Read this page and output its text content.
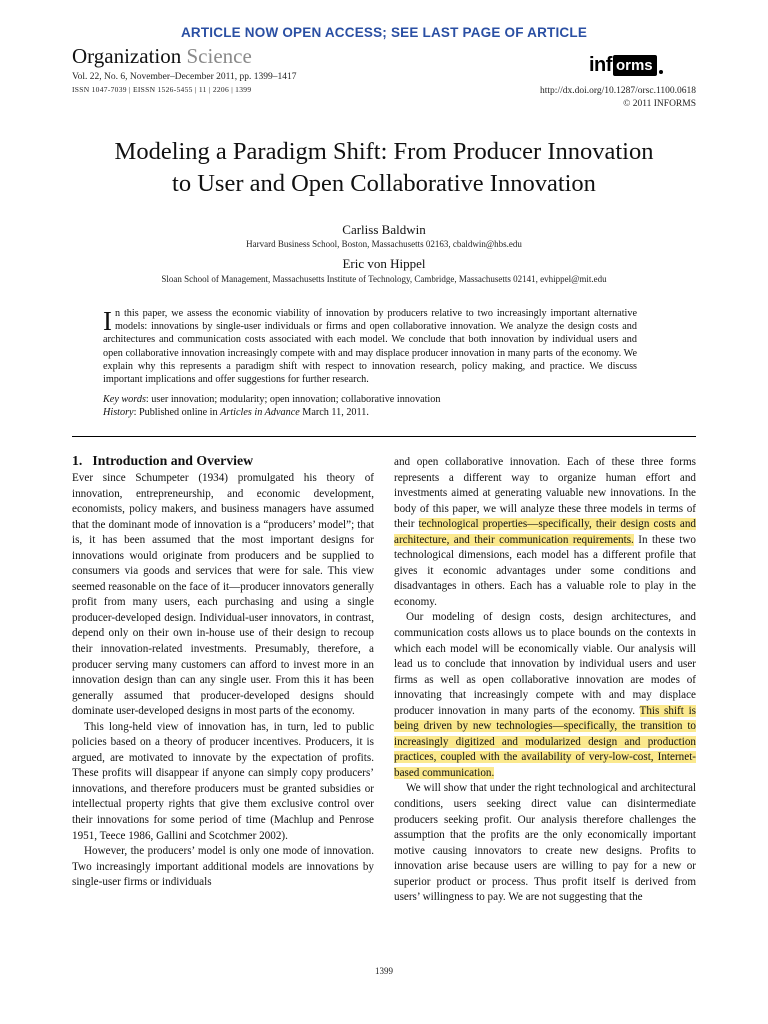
ARTICLE NOW OPEN ACCESS; SEE LAST PAGE OF ARTICLE
Organization Science
Vol. 22, No. 6, November–December 2011, pp. 1399–1417
ISSN 1047-7039 | EISSN 1526-5455 | 11 | 2206 | 1399
inf orms
http://dx.doi.org/10.1287/orsc.1100.0618
© 2011 INFORMS
Modeling a Paradigm Shift: From Producer Innovation
to User and Open Collaborative Innovation
Carliss Baldwin
Harvard Business School, Boston, Massachusetts 02163, cbaldwin@hbs.edu
Eric von Hippel
Sloan School of Management, Massachusetts Institute of Technology, Cambridge, Massachusetts 02141, evhippel@mit.edu
In this paper, we assess the economic viability of innovation by producers relative to two increasingly important alternative models: innovations by single-user individuals or firms and open collaborative innovation. We analyze the design costs and architectures and communication costs associated with each model. We conclude that both innovation by individual users and open collaborative innovation increasingly compete with and may displace producer innovation in many parts of the economy. We explain why this represents a paradigm shift with respect to innovation research, policy making, and practice. We discuss important implications and offer suggestions for further research.
Key words: user innovation; modularity; open innovation; collaborative innovation
History: Published online in Articles in Advance March 11, 2011.
1. Introduction and Overview

Ever since Schumpeter (1934) promulgated his theory of innovation, entrepreneurship, and economic development, economists, policy makers, and business managers have assumed that the dominant mode of innovation is a “producers’ model”; that is, it has been assumed that the most important designs for innovations would originate from producers and be supplied to consumers via goods and services that were for sale. This view seemed reasonable on the face of it—producer innovators generally profit from many users, each purchasing and using a single producer-developed design. Individual-user innovators, in contrast, depend only on their own in-house use of their design to recoup their innovation-related investments. Presumably, therefore, a producer serving many customers can afford to invest more in an innovation design than can any single user. From this it has been generally assumed that producer-developed designs should dominate user-developed designs in most parts of the economy.

This long-held view of innovation has, in turn, led to public policies based on a theory of producer incentives. Producers, it is argued, are motivated to innovate by the expectation of profits. These profits will disappear if anyone can simply copy producers’ innovations, and therefore producers must be granted subsidies or intellectual property rights that give them exclusive control over their innovations for some period of time (Machlup and Penrose 1951, Teece 1986, Gallini and Scotchmer 2002).

However, the producers’ model is only one mode of innovation. Two increasingly important additional models are innovations by single-user firms or individuals

and open collaborative innovation. Each of these three forms represents a different way to organize human effort and investments aimed at generating valuable new innovations. In the body of this paper, we will analyze these three models in terms of their technological properties—specifically, their design costs and architecture, and their communication requirements. In these two technological dimensions, each model has a different profile that gives it economic advantages under some conditions and disadvantages in others. Each has a valuable role to play in the economy.

Our modeling of design costs, design architectures, and communication costs allows us to place bounds on the contexts in which each model will be economically viable. Our analysis will lead us to conclude that innovation by individual users and user firms as well as open collaborative innovation are modes of innovating that increasingly compete with and may displace producer innovation in many parts of the economy. This shift is being driven by new technologies—specifically, the transition to increasingly digitized and modularized design and production practices, coupled with the availability of very-low-cost, Internet-based communication.

We will show that under the right technological and architectural conditions, users seeking direct value can disintermediate producers seeking profit. Our analysis therefore challenges the assumption that the profits are the only economically important motive causing innovators to create new designs. Profits to innovation arise because users are willing to pay for a new or superior product or process. Thus profit itself is derived from users’ willingness to pay. We are not suggesting that the

1399
